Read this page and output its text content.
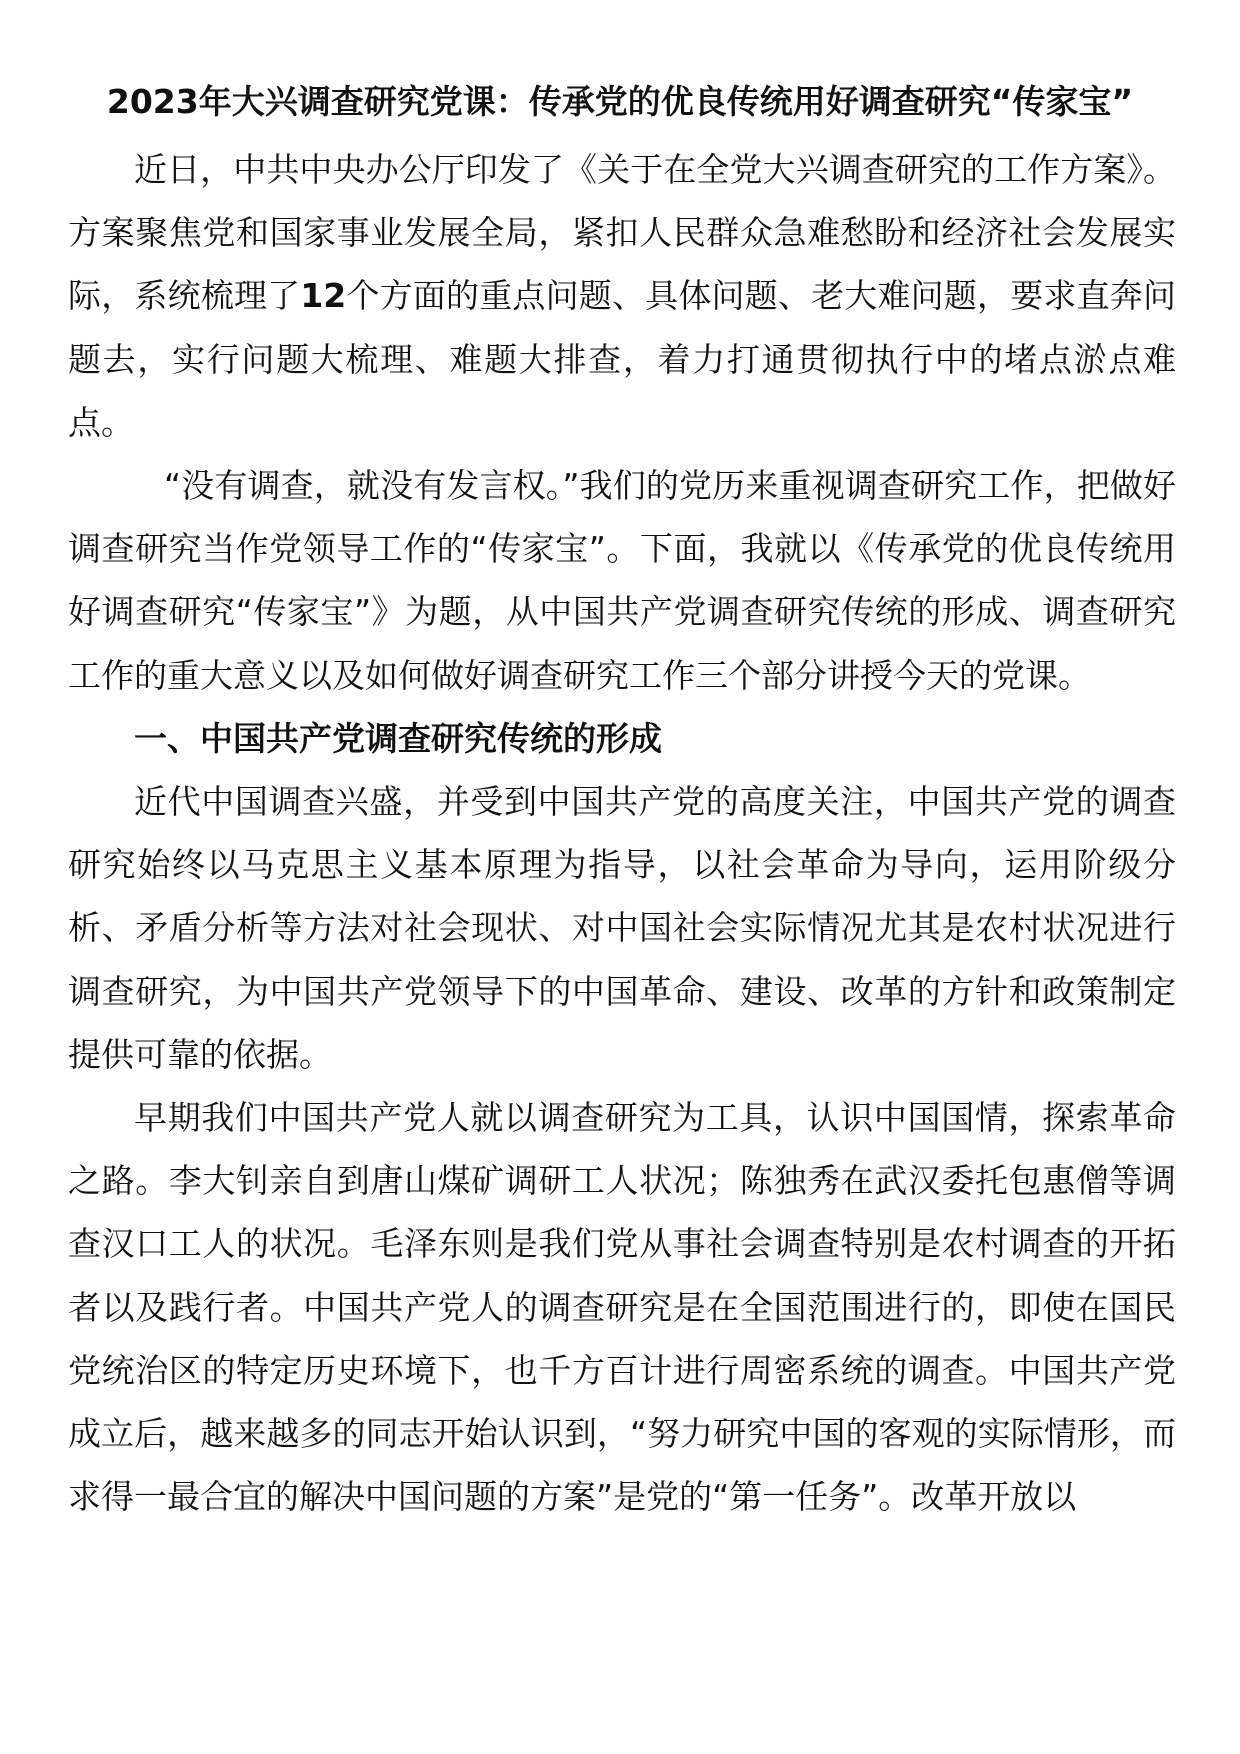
2023年大兴调查研究党课：传承党的优良传统用好调查研究“传家宝”

近日，中共中央办公厅印发了《关于在全党大兴调查研究的工作方案》。方案聚焦党和国家事业发展全局，紧扣人民群众急难愁盼和经济社会发展实际，系统梳理了12个方面的重点问题、具体问题、老大难问题，要求直奔问题去，实行问题大梳理、难题大排查，着力打通贯彻执行中的堵点淤点难点。

“没有调查，就没有发言权。”我们的党历来重视调查研究工作，把做好调查研究当作党领导工作的“传家宝”。下面，我就以《传承党的优良传统用好调查研究“传家宝”》为题，从中国共产党调查研究传统的形成、调查研究工作的重大意义以及如何做好调查研究工作三个部分讲授今天的党课。

一、中国共产党调查研究传统的形成

近代中国调查兴盛，并受到中国共产党的高度关注，中国共产党的调查研究始终以马克思主义基本原理为指导，以社会革命为导向，运用阶级分析、矛盾分析等方法对社会现状、对中国社会实际情况尤其是农村状况进行调查研究，为中国共产党领导下的中国革命、建设、改革的方针和政策制定提供可靠的依据。

早期我们中国共产党人就以调查研究为工具，认识中国国情，探索革命之路。李大钊亲自到唐山煤矿调研工人状况；陈独秀在武汉委托包惠僧等调查汉口工人的状况。毛泽东则是我们党从事社会调查特别是农村调查的开拓者以及践行者。中国共产党人的调查研究是在全国范围进行的，即使在国民党统治区的特定历史环境下，也千方百计进行周密系统的调查。中国共产党成立后，越来越多的同志开始认识到，“努力研究中国的客观的实际情形，而求得一最合宜的解决中国问题的方案”是党的“第一任务”。改革开放以
